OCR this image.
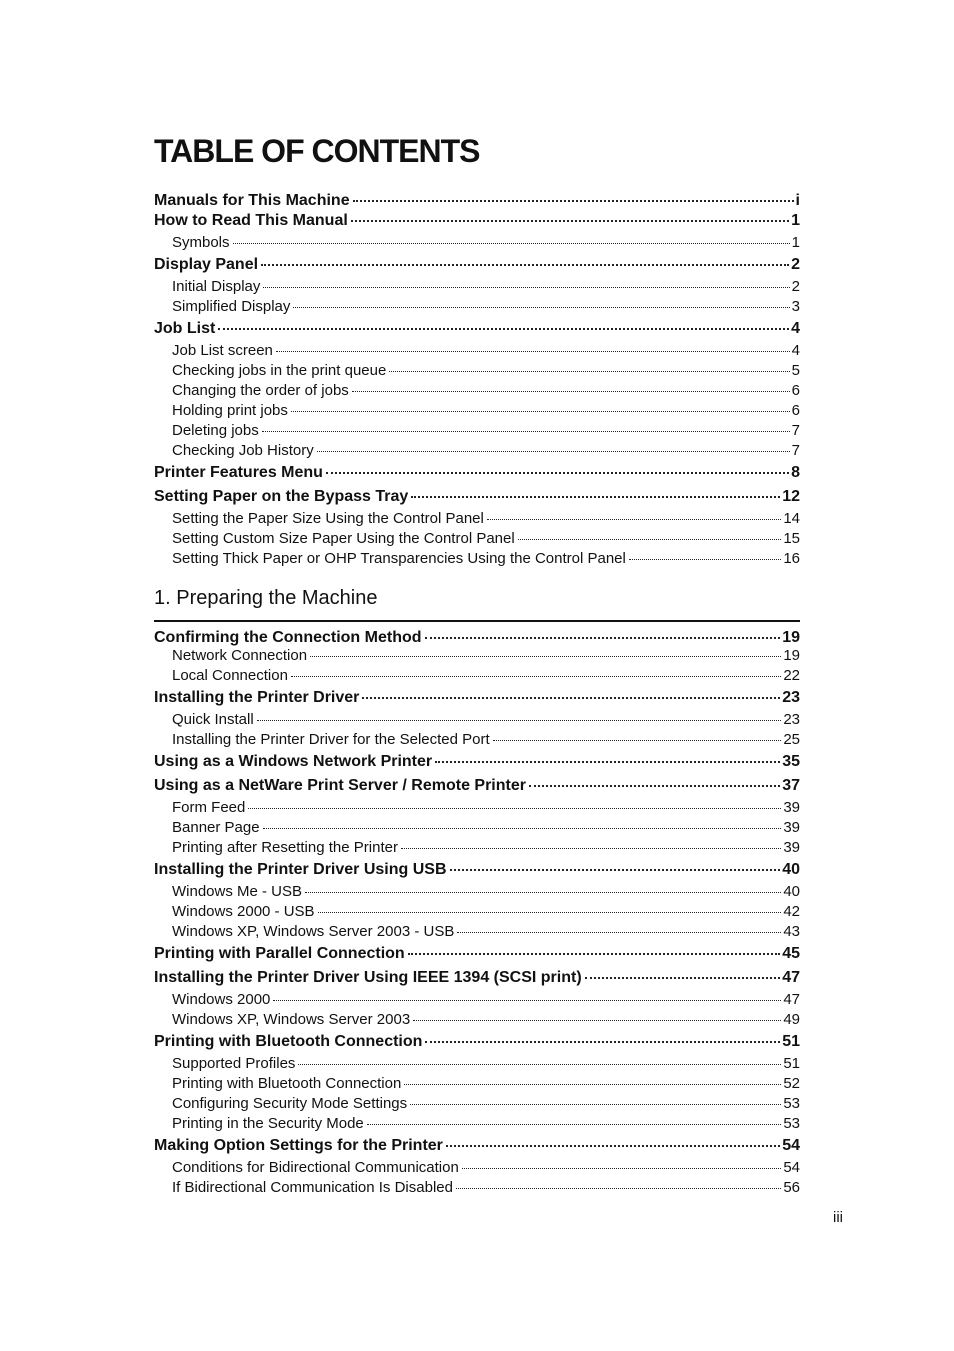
TABLE OF CONTENTS
Manuals for This Machine	i
How to Read This Manual	1
Symbols	1
Display Panel	2
Initial Display	2
Simplified Display	3
Job List	4
Job List screen	4
Checking jobs in the print queue	5
Changing the order of jobs	6
Holding print jobs	6
Deleting jobs	7
Checking Job History	7
Printer Features Menu	8
Setting Paper on the Bypass Tray	12
Setting the Paper Size Using the Control Panel	14
Setting Custom Size Paper Using the Control Panel	15
Setting Thick Paper or OHP Transparencies Using the Control Panel	16
1. Preparing the Machine
Confirming the Connection Method	19
Network Connection	19
Local Connection	22
Installing the Printer Driver	23
Quick Install	23
Installing the Printer Driver for the Selected Port	25
Using as a Windows Network Printer	35
Using as a NetWare Print Server / Remote Printer	37
Form Feed	39
Banner Page	39
Printing after Resetting the Printer	39
Installing the Printer Driver Using USB	40
Windows Me - USB	40
Windows 2000 - USB	42
Windows XP, Windows Server 2003 - USB	43
Printing with Parallel Connection	45
Installing the Printer Driver Using IEEE 1394 (SCSI print)	47
Windows 2000	47
Windows XP, Windows Server 2003	49
Printing with Bluetooth Connection	51
Supported Profiles	51
Printing with Bluetooth Connection	52
Configuring Security Mode Settings	53
Printing in the Security Mode	53
Making Option Settings for the Printer	54
Conditions for Bidirectional Communication	54
If Bidirectional Communication Is Disabled	56
iii
